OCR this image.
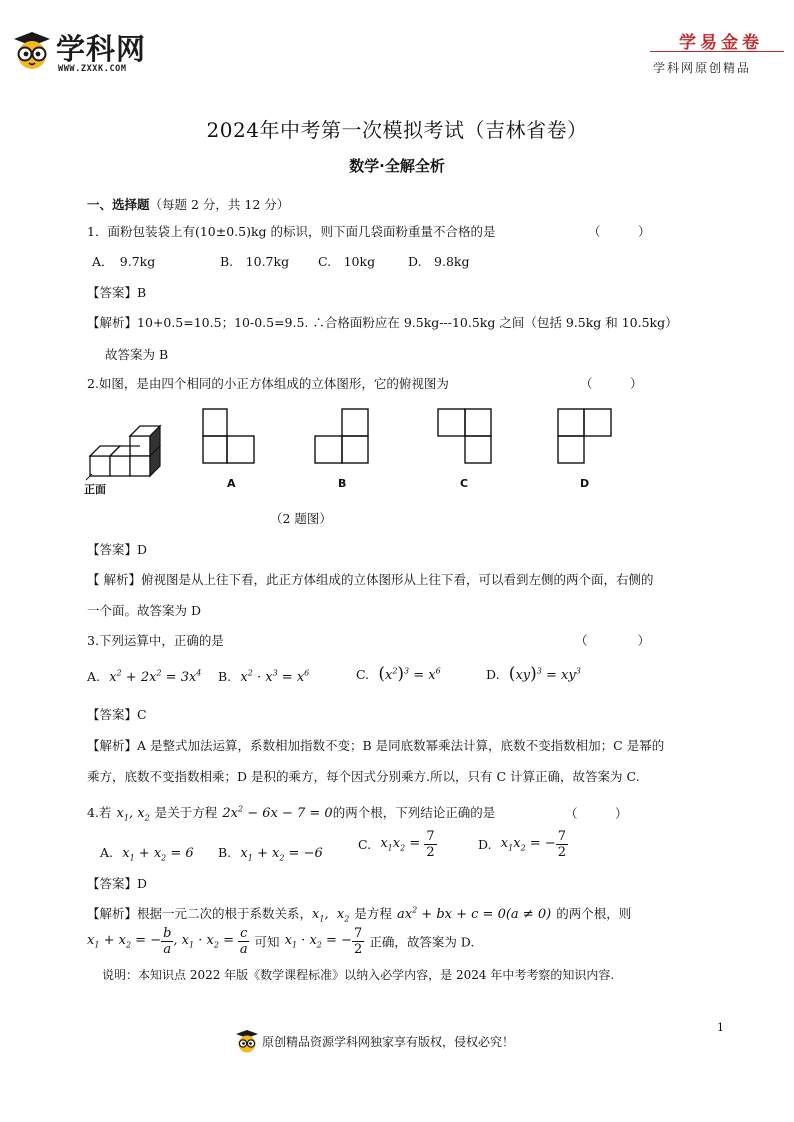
学科网
WWW.ZXXK.COM
学易金卷
学科网原创精品
2024年中考第一次模拟考试（吉林省卷）
数学·全解全析
一、选择题（每题 2 分，共 12 分）
1．面粉包装袋上有(10±0.5)kg 的标识，则下面几袋面粉重量不合格的是	（　　　）
A．　9.7kg	B.　10.7kg C.　10kg	D.　9.8kg
【答案】B
【解析】10+0.5=10.5；10-0.5=9.5. ∴合格面粉应在 9.5kg---10.5kg 之间（包括 9.5kg 和 10.5kg）
故答案为 B
2.如图，是由四个相同的小正方体组成的立体图形，它的俯视图为	（　　　）
正面	A	B	C	D
（2 题图）
【答案】D
【 解析】俯视图是从上往下看，此正方体组成的立体图形从上往下看，可以看到左侧的两个面，右侧的
一个面。故答案为 D
3.下列运算中，正确的是	（　　　　）
A.  $x^2 + 2x^2 = 3x^4$ B.  $x^2 \cdot x^3 = x^6$	C. $(x^2)^3 = x^6$	D. $(xy)^3 = xy^3$
【答案】C
【解析】A 是整式加法运算，系数相加指数不变；B 是同底数幂乘法计算，底数不变指数相加；C 是幂的
乘方，底数不变指数相乘；D 是积的乘方，每个因式分别乘方.所以，只有 C 计算正确，故答案为 C.
4.若 $x_1$, $x_2$ 是关于方程 $2x^2 - 6x - 7 = 0$的两个根，下列结论正确的是	（　　　）
A.  $x_1 + x_2 = 6$ B.  $x_1 + x_2 = -6$
C.  $x_1x_2 = \frac{7}{2}$	D.  $x_1x_2$ = − $\frac{7}{2}$
【答案】D
【解析】根据一元二次的根于系数关系，$x_1$,  $x_2$ 是方程 $ax^2$ + bx + c = 0(a ≠ 0) 的两个根，则
$x_1 + x_2$ = − $\frac{b}{a}$ , $x_1 \cdot x_2 = \frac{c}{a}$ 可知 $x_1 \cdot x_2$ = − $\frac{7}{2}$ 正确，故答案为 D.
说明：本知识点 2022 年版《数学课程标准》以纳入必学内容，是 2024 年中考考察的知识内容.
原创精品资源学科网独家享有版权，侵权必究！
1
